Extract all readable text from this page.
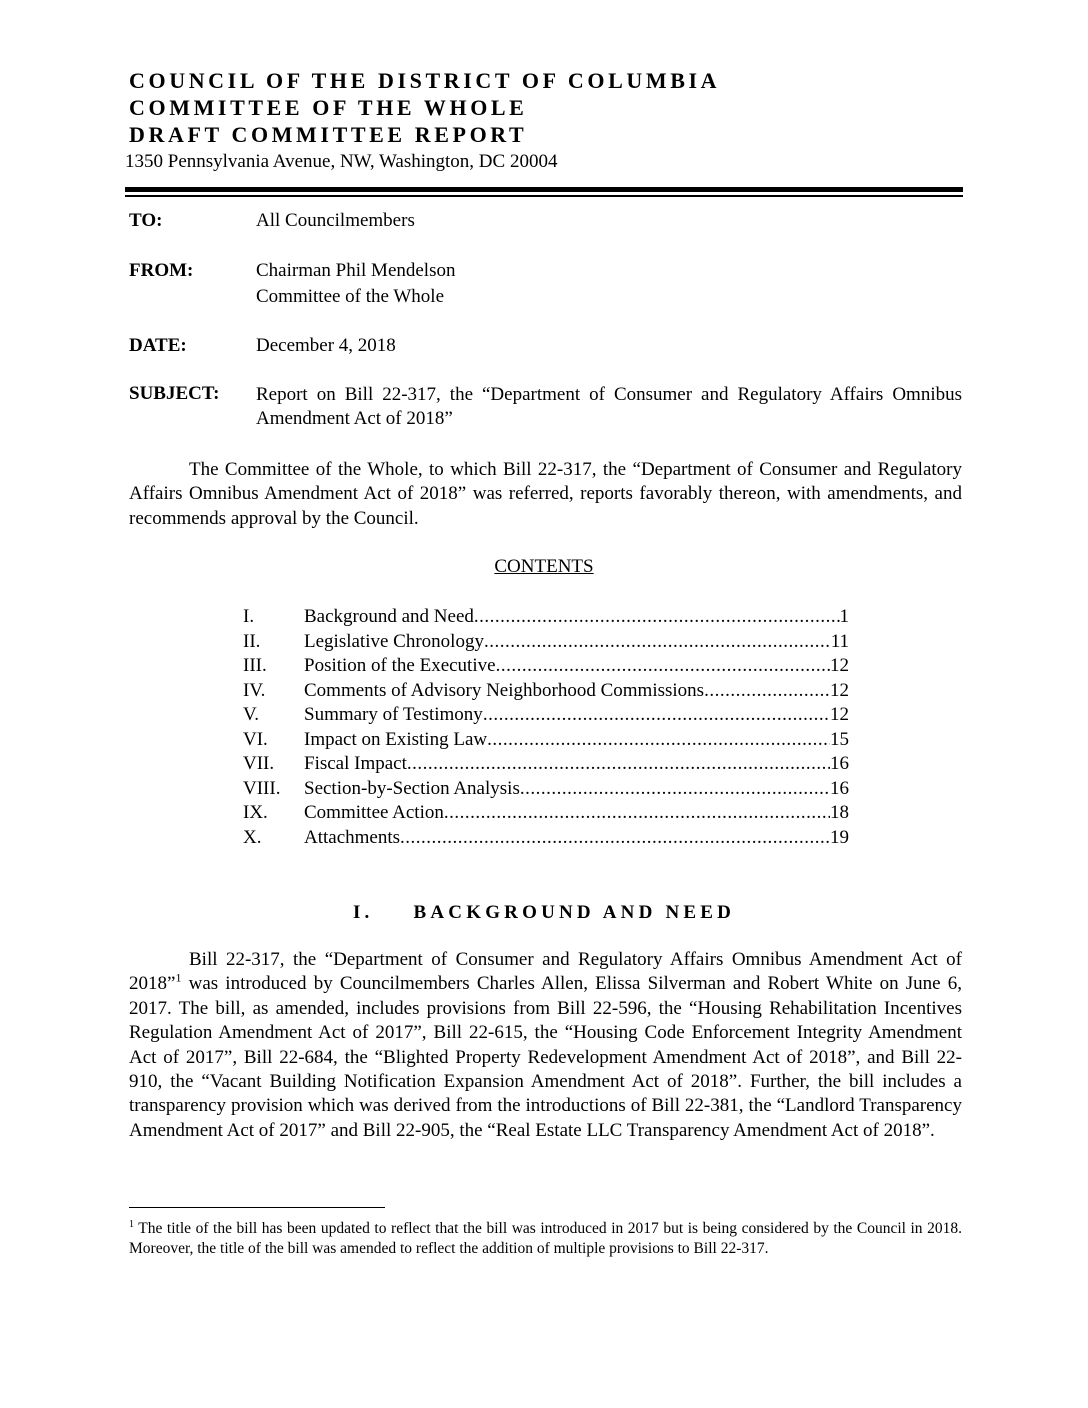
COUNCIL OF THE DISTRICT OF COLUMBIA
COMMITTEE OF THE WHOLE
DRAFT COMMITTEE REPORT
1350 Pennsylvania Avenue, NW, Washington, DC 20004
TO:	All Councilmembers
FROM:	Chairman Phil Mendelson
Committee of the Whole
DATE:	December 4, 2018
SUBJECT: Report on Bill 22-317, the “Department of Consumer and Regulatory Affairs Omnibus Amendment Act of 2018”
The Committee of the Whole, to which Bill 22-317, the “Department of Consumer and Regulatory Affairs Omnibus Amendment Act of 2018” was referred, reports favorably thereon, with amendments, and recommends approval by the Council.
CONTENTS
I.	Background and Need .....	1
II.	Legislative Chronology .....	11
III.	Position of the Executive .....	12
IV.	Comments of Advisory Neighborhood Commissions .....	12
V.	Summary of Testimony .....	12
VI.	Impact on Existing Law .....	15
VII.	Fiscal Impact .....	16
VIII.	Section-by-Section Analysis .....	16
IX.	Committee Action .....	18
X.	Attachments .....	19
I. BACKGROUND AND NEED
Bill 22-317, the “Department of Consumer and Regulatory Affairs Omnibus Amendment Act of 2018”$^1$ was introduced by Councilmembers Charles Allen, Elissa Silverman and Robert White on June 6, 2017. The bill, as amended, includes provisions from Bill 22-596, the “Housing Rehabilitation Incentives Regulation Amendment Act of 2017”, Bill 22-615, the “Housing Code Enforcement Integrity Amendment Act of 2017”, Bill 22-684, the “Blighted Property Redevelopment Amendment Act of 2018”, and Bill 22-910, the “Vacant Building Notification Expansion Amendment Act of 2018”. Further, the bill includes a transparency provision which was derived from the introductions of Bill 22-381, the “Landlord Transparency Amendment Act of 2017” and Bill 22-905, the “Real Estate LLC Transparency Amendment Act of 2018”.
$^1$ The title of the bill has been updated to reflect that the bill was introduced in 2017 but is being considered by the Council in 2018. Moreover, the title of the bill was amended to reflect the addition of multiple provisions to Bill 22-317.
